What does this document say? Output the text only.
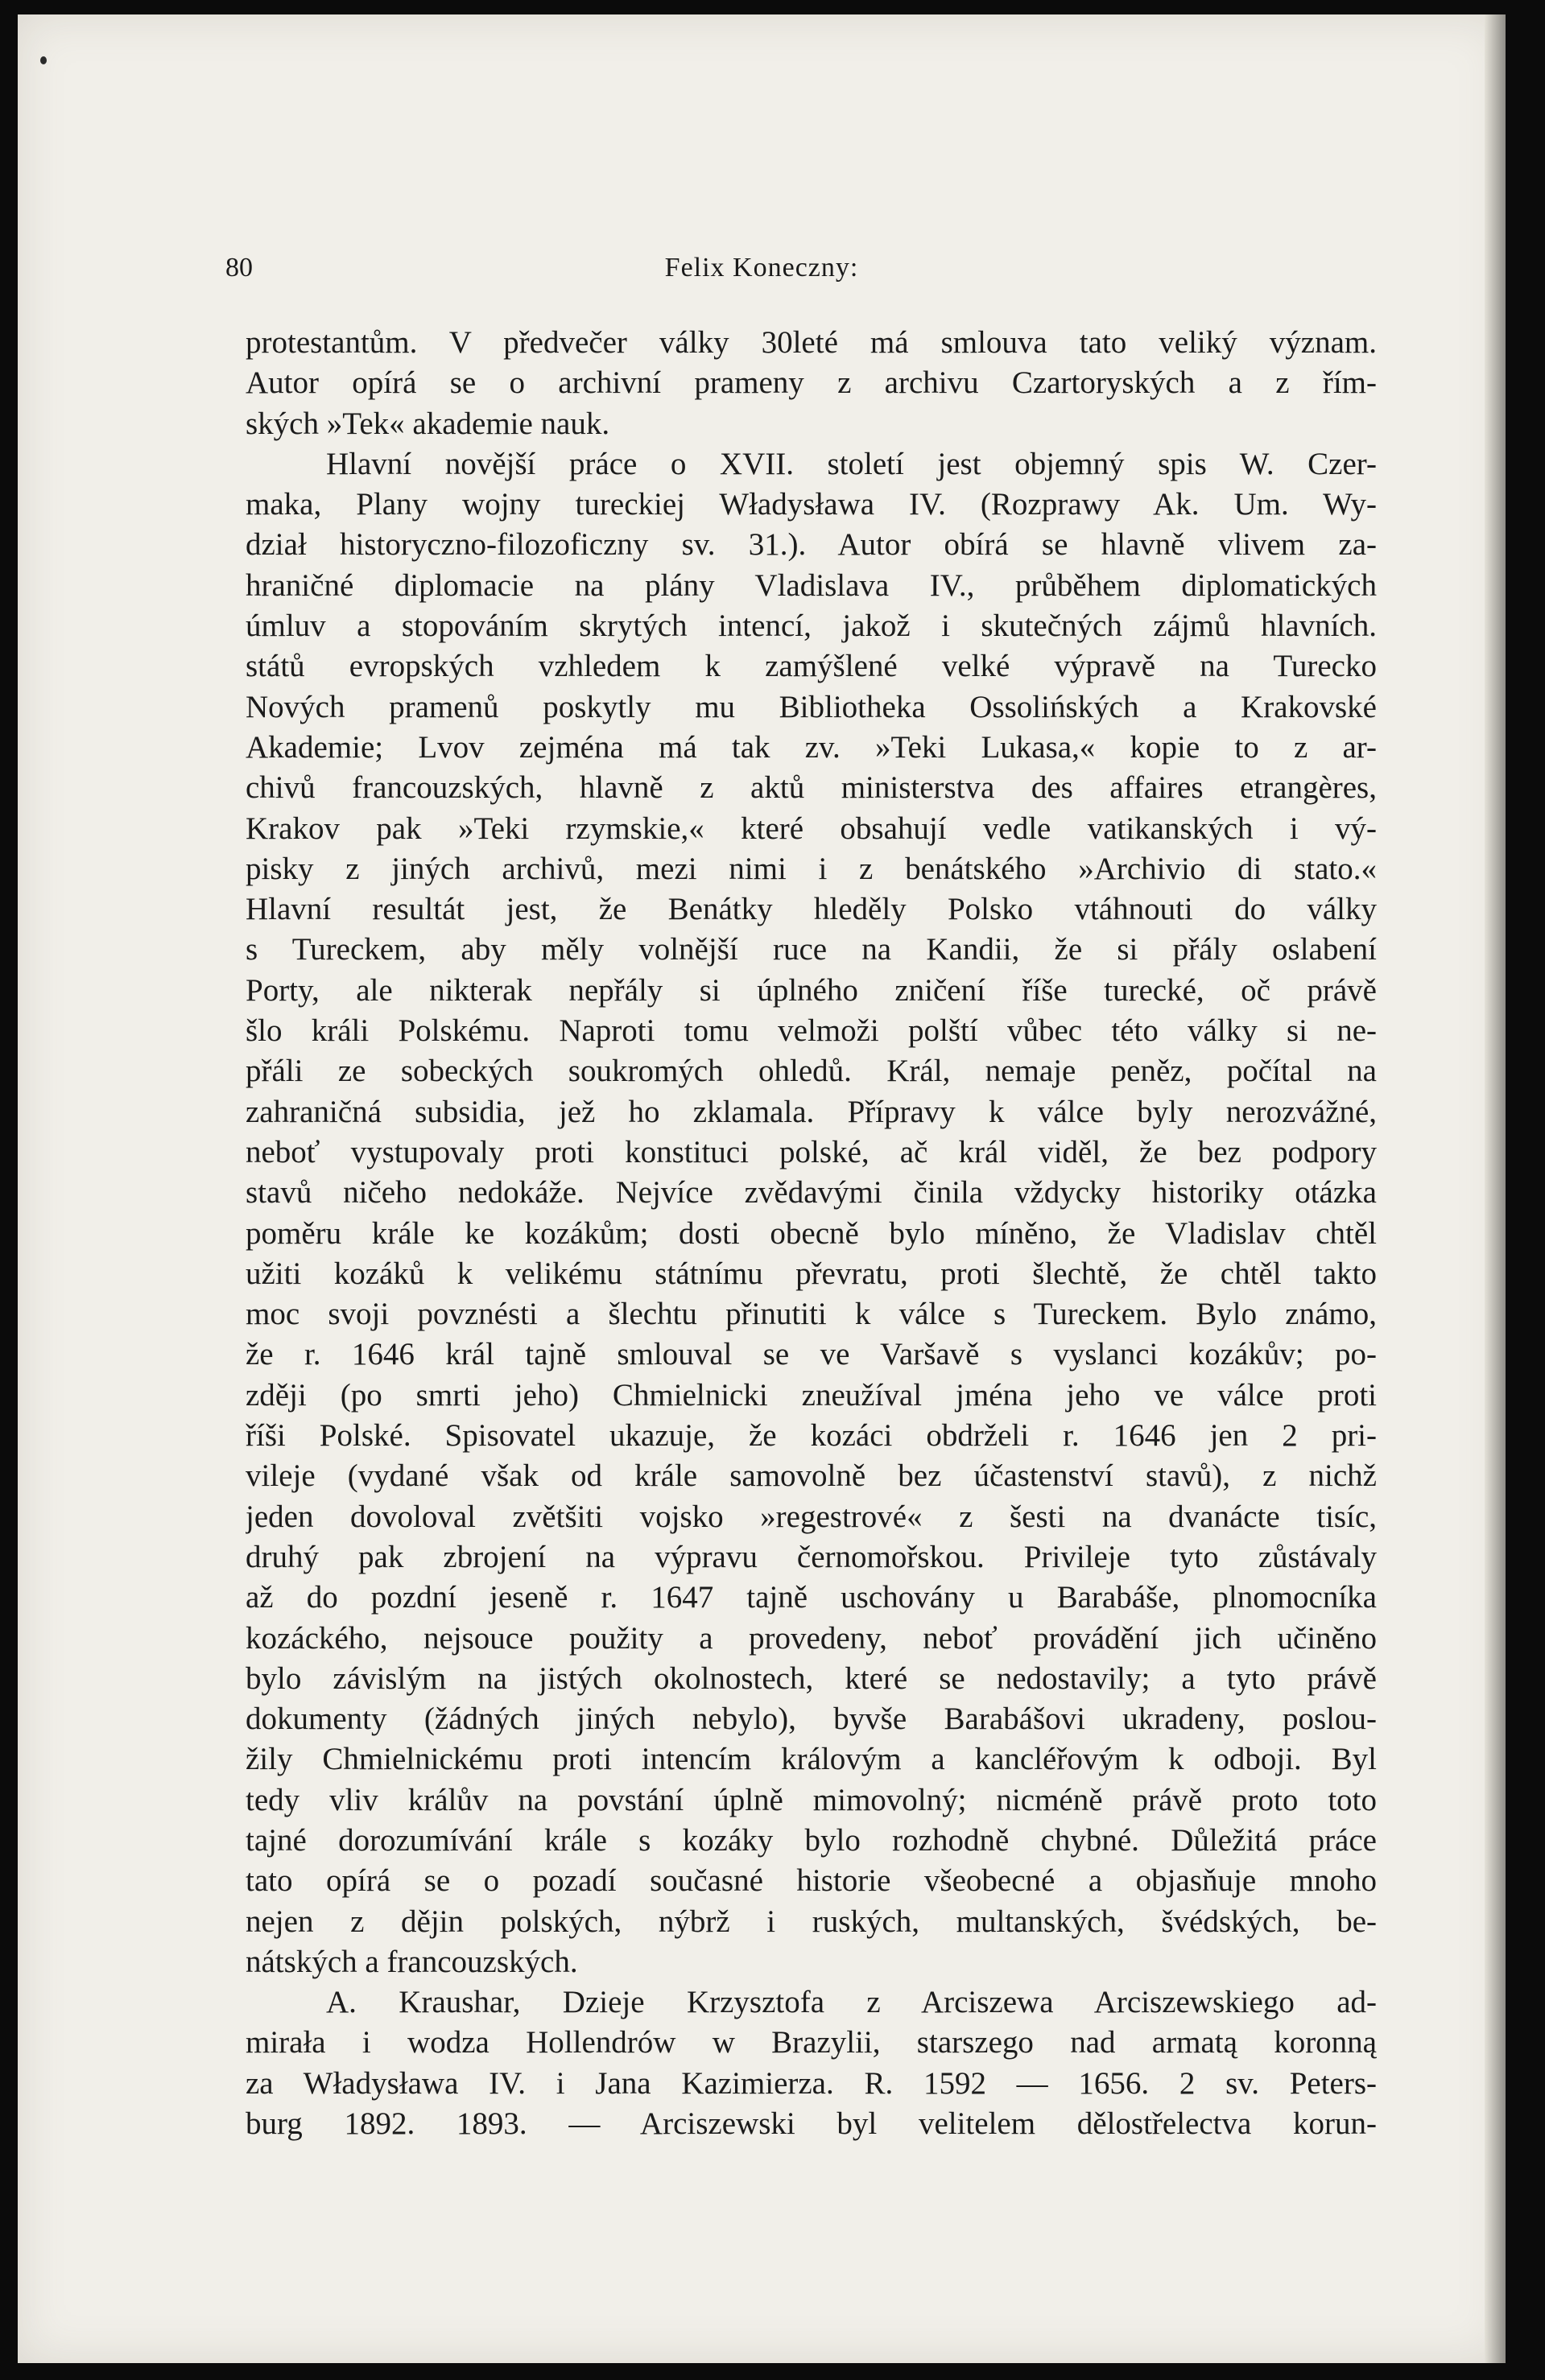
80	Felix Koneczny:
protestantům. V předvečer války 30leté má smlouva tato veliký význam.
Autor opírá se o archivní prameny z archivu Czartoryských a z řím-
ských »Tek« akademie nauk.
Hlavní novější práce o XVII. století jest objemný spis W. Czer-
maka, Plany wojny tureckiej Władysława IV. (Rozprawy Ak. Um. Wy-
dział historyczno-filozoficzny sv. 31.). Autor obírá se hlavně vlivem za-
hraničné diplomacie na plány Vladislava IV., průběhem diplomatických
úmluv a stopováním skrytých intencí, jakož i skutečných zájmů hlavních.
států evropských vzhledem k zamýšlené velké výpravě na Turecko
Nových pramenů poskytly mu Bibliotheka Ossolińských a Krakovské
Akademie; Lvov zejména má tak zv. »Teki Lukasa,« kopie to z ar-
chivů francouzských, hlavně z aktů ministerstva des affaires etrangères,
Krakov pak »Teki rzymskie,« které obsahují vedle vatikanských i vý-
pisky z jiných archivů, mezi nimi i z benátského »Archivio di stato.«
Hlavní resultát jest, že Benátky hleděly Polsko vtáhnouti do války
s Tureckem, aby měly volnější ruce na Kandii, že si přály oslabení
Porty, ale nikterak nepřály si úplného zničení říše turecké, oč právě
šlo králi Polskému. Naproti tomu velmoži polští vůbec této války si ne-
přáli ze sobeckých soukromých ohledů. Král, nemaje peněz, počítal na
zahraničná subsidia, jež ho zklamala. Přípravy k válce byly nerozvážné,
neboť vystupovaly proti konstituci polské, ač král viděl, že bez podpory
stavů ničeho nedokáže. Nejvíce zvědavými činila vždycky historiky otázka
poměru krále ke kozákům; dosti obecně bylo míněno, že Vladislav chtěl
užiti kozáků k velikému státnímu převratu, proti šlechtě, že chtěl takto
moc svoji povznésti a šlechtu přinutiti k válce s Tureckem. Bylo známo,
že r. 1646 král tajně smlouval se ve Varšavě s vyslanci kozákův; po-
zději (po smrti jeho) Chmielnicki zneužíval jména jeho ve válce proti
říši Polské. Spisovatel ukazuje, že kozáci obdrželi r. 1646 jen 2 pri-
vileje (vydané však od krále samovolně bez účastenství stavů), z nichž
jeden dovoloval zvětšiti vojsko »regestrové« z šesti na dvanácte tisíc,
druhý pak zbrojení na výpravu černomořskou. Privileje tyto zůstávaly
až do pozdní jeseně r. 1647 tajně uschovány u Barabáše, plnomocníka
kozáckého, nejsouce použity a provedeny, neboť provádění jich učiněno
bylo závislým na jistých okolnostech, které se nedostavily; a tyto právě
dokumenty (žádných jiných nebylo), byvše Barabášovi ukradeny, poslou-
žily Chmielnickému proti intencím královým a kancléřovým k odboji. Byl
tedy vliv králův na povstání úplně mimovolný; nicméně právě proto toto
tajné dorozumívání krále s kozáky bylo rozhodně chybné. Důležitá práce
tato opírá se o pozadí současné historie všeobecné a objasňuje mnoho
nejen z dějin polských, nýbrž i ruských, multanských, švédských, be-
nátských a francouzských.
A. Kraushar, Dzieje Krzysztofa z Arciszewa Arciszewskiego ad-
mirała i wodza Hollendrów w Brazylii, starszego nad armatą koronną
za Władysława IV. i Jana Kazimierza. R. 1592 — 1656. 2 sv. Peters-
burg 1892. 1893. — Arciszewski byl velitelem dělostřelectva korun-
